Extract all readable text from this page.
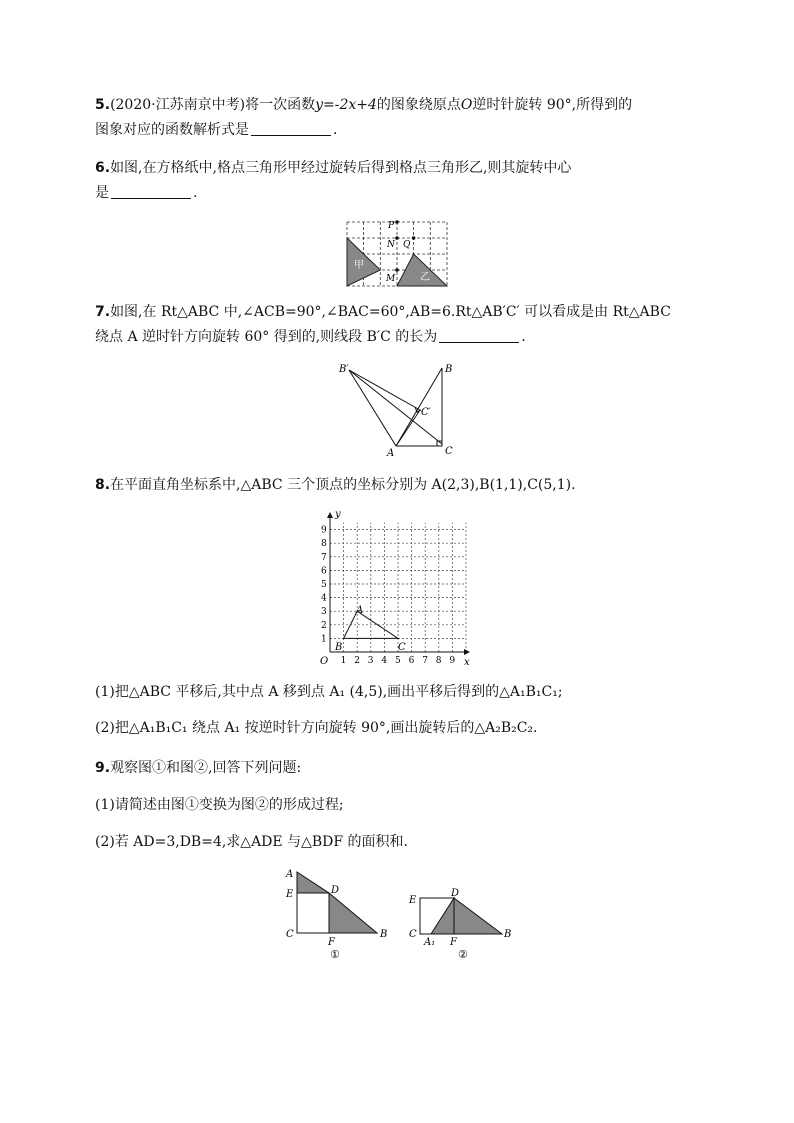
5.(2020·江苏南京中考)将一次函数y=-2x+4的图象绕原点O逆时针旋转 90°,所得到的
图象对应的函数解析式是	.
6.如图,在方格纸中,格点三角形甲经过旋转后得到格点三角形乙,则其旋转中心
是	.
甲
乙
P
N Q
M
7.如图,在 Rt△ABC 中,∠ACB=90°,∠BAC=60°,AB=6.Rt△AB′C′ 可以看成是由 Rt△ABC
绕点 A 逆时针方向旋转 60° 得到的,则线段 B′C 的长为	.
B′	B
C′
A	C
8.在平面直角坐标系中,△ABC 三个顶点的坐标分别为 A(2,3),B(1,1),C(5,1).
1 2 3 4 5 6 7 8 9
1
2
3
4
5
6
7
8
9
x
y
O
A
B	C
(1)把△ABC 平移后,其中点 A 移到点 A₁ (4,5),画出平移后得到的△A₁B₁C₁;
(2)把△A₁B₁C₁ 绕点 A₁ 按逆时针方向旋转 90°,画出旋转后的△A₂B₂C₂.
9.观察图①和图②,回答下列问题:
(1)请简述由图①变换为图②的形成过程;
(2)若 AD=3,DB=4,求△ADE 与△BDF 的面积和.
A
E	D
C
F
B
①
E
D
C
A₁ F
B
②
